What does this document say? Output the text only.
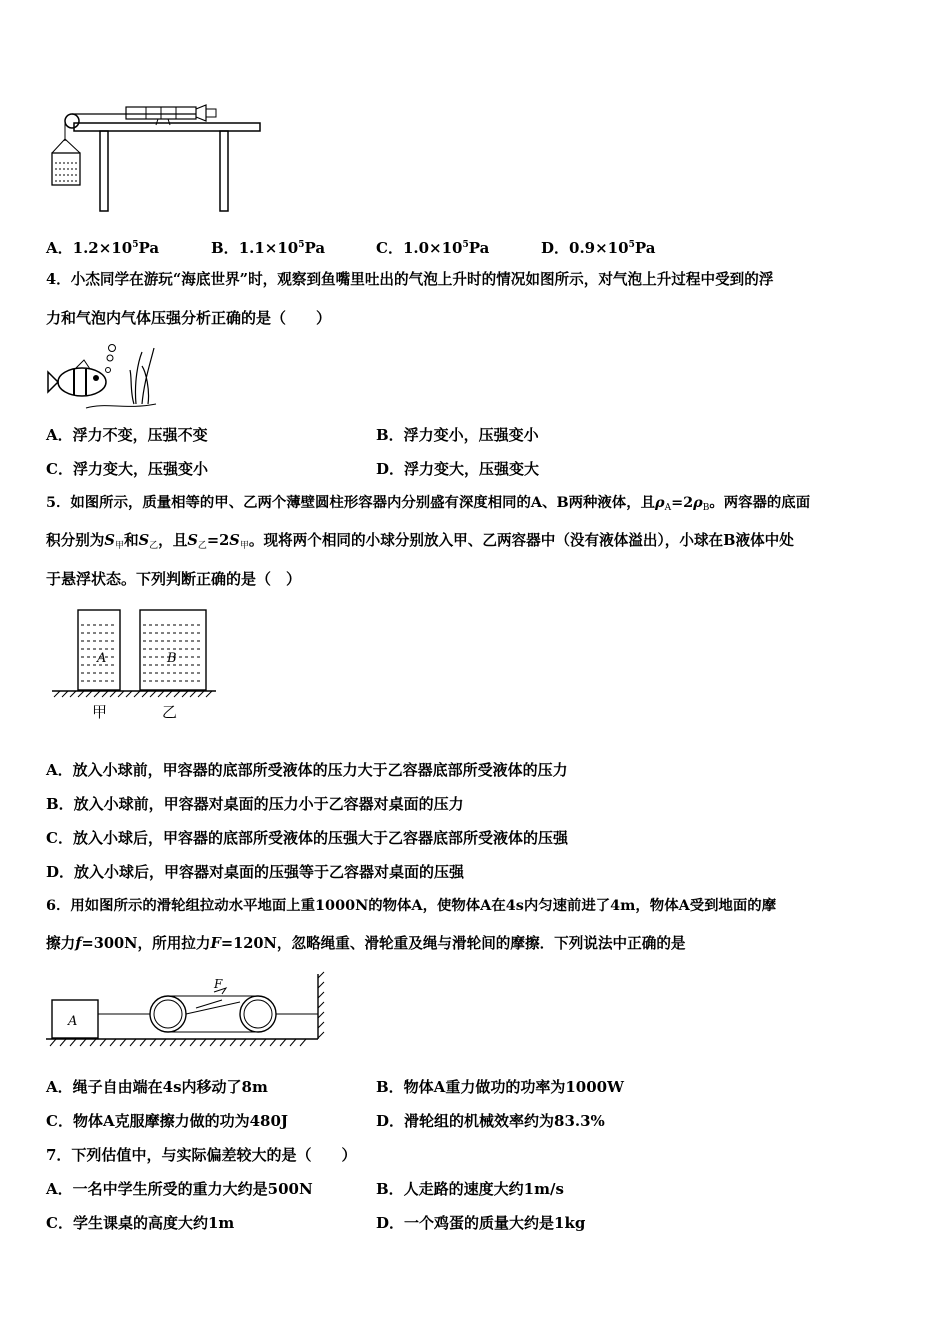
A．$1.2\times 10^5Pa$	B．$1.1\times 10^5Pa$	C．$1.0\times 10^5Pa$	D．$0.9\times 10^5Pa$
4．小杰同学在游玩“海底世界”时，观察到鱼嘴里吐出的气泡上升时的情况如图所示，对气泡上升过程中受到的浮
力和气泡内气体压强分析正确的是（　　）
A．浮力不变，压强不变	B．浮力变小，压强变小
C．浮力变大，压强变小	D．浮力变大，压强变大
5．如图所示，质量相等的甲、乙两个薄壁圆柱形容器内分别盛有深度相同的A、B两种液体，且$\rho_A=2\rho_B$。两容器的底面
积分别为$S_甲$和$S_乙$，且$S_乙=2S_甲$。现将两个相同的小球分别放入甲、乙两容器中（没有液体溢出），小球在B液体中处
于悬浮状态。下列判断正确的是（　）
A	B
甲	乙
A．放入小球前，甲容器的底部所受液体的压力大于乙容器底部所受液体的压力
B．放入小球前，甲容器对桌面的压力小于乙容器对桌面的压力
C．放入小球后，甲容器的底部所受液体的压强大于乙容器底部所受液体的压强
D．放入小球后，甲容器对桌面的压强等于乙容器对桌面的压强
6．用如图所示的滑轮组拉动水平地面上重1000N的物体A，使物体A在4s内匀速前进了4m，物体A受到地面的摩
擦力f=300N，所用拉力F=120N，忽略绳重、滑轮重及绳与滑轮间的摩擦．下列说法中正确的是
A
F
A．绳子自由端在4s内移动了8m	B．物体A重力做功的功率为1000W
C．物体A克服摩擦力做的功为480J	D．滑轮组的机械效率约为83.3%
7．下列估值中，与实际偏差较大的是（　　）
A．一名中学生所受的重力大约是500N	B．人走路的速度大约1m/s
C．学生课桌的高度大约1m	D．一个鸡蛋的质量大约是1kg
